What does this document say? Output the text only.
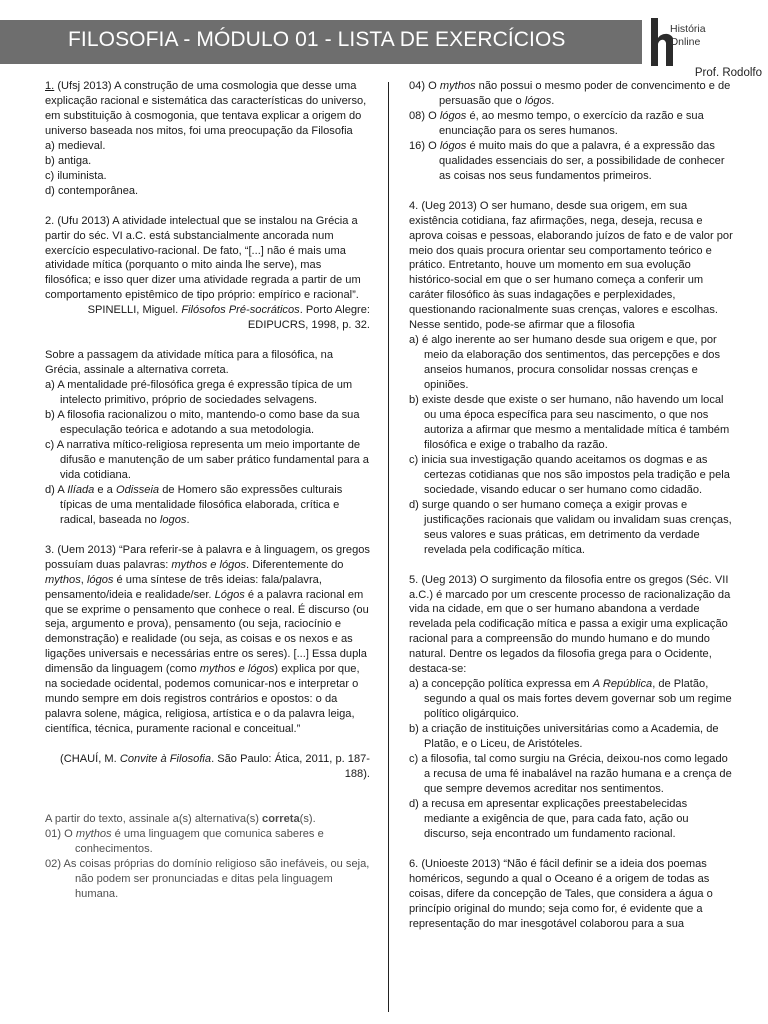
FILOSOFIA - MÓDULO 01 - LISTA DE EXERCÍCIOS	História
Online
Prof. Rodolfo

1. (Ufsj 2013) A construção de uma cosmologia que desse uma explicação racional e sistemática das características do universo, em substituição à cosmogonia, que tentava explicar a origem do universo baseada nos mitos, foi uma preocupação da Filosofia

a) medieval.

b) antiga.

c) iluminista.

d) contemporânea.

2. (Ufu 2013) A atividade intelectual que se instalou na Grécia a partir do séc. VI a.C. está substancialmente ancorada num exercício especulativo-racional. De fato, “[...] não é mais uma atividade mítica (porquanto o mito ainda lhe serve), mas filosófica; e isso quer dizer uma atividade regrada a partir de um comportamento epistêmico de tipo próprio: empírico e racional”.

SPINELLI, Miguel. Filósofos Pré-socráticos. Porto Alegre: EDIPUCRS, 1998, p. 32.

Sobre a passagem da atividade mítica para a filosófica, na Grécia, assinale a alternativa correta.

a) A mentalidade pré-filosófica grega é expressão típica de um intelecto primitivo, próprio de sociedades selvagens.

b) A filosofia racionalizou o mito, mantendo-o como base da sua especulação teórica e adotando a sua metodologia.

c) A narrativa mítico-religiosa representa um meio importante de difusão e manutenção de um saber prático fundamental para a vida cotidiana.

d) A Ilíada e a Odisseia de Homero são expressões culturais típicas de uma mentalidade filosófica elaborada, crítica e radical, baseada no logos.

3. (Uem 2013) “Para referir-se à palavra e à linguagem, os gregos possuíam duas palavras: mythos e lógos. Diferentemente do mythos, lógos é uma síntese de três ideias: fala/palavra, pensamento/ideia e realidade/ser. Lógos é a palavra racional em que se exprime o pensamento que conhece o real. É discurso (ou seja, argumento e prova), pensamento (ou seja, raciocínio e demonstração) e realidade (ou seja, as coisas e os nexos e as ligações universais e necessárias entre os seres). [...] Essa dupla dimensão da linguagem (como mythos e lógos) explica por que, na sociedade ocidental, podemos comunicar-nos e interpretar o mundo sempre em dois registros contrários e opostos: o da palavra solene, mágica, religiosa, artística e o da palavra leiga, científica, técnica, puramente racional e conceitual.”

(CHAUÍ, M. Convite à Filosofia. São Paulo: Ática, 2011, p. 187-188).

A partir do texto, assinale a(s) alternativa(s) correta(s).

01) O mythos é uma linguagem que comunica saberes e conhecimentos.

02) As coisas próprias do domínio religioso são inefáveis, ou seja, não podem ser pronunciadas e ditas pela linguagem humana.

04) O mythos não possui o mesmo poder de convencimento e de persuasão que o lógos.

08) O lógos é, ao mesmo tempo, o exercício da razão e sua enunciação para os seres humanos.

16) O lógos é muito mais do que a palavra, é a expressão das qualidades essenciais do ser, a possibilidade de conhecer as coisas nos seus fundamentos primeiros.

4. (Ueg 2013) O ser humano, desde sua origem, em sua existência cotidiana, faz afirmações, nega, deseja, recusa e aprova coisas e pessoas, elaborando juízos de fato e de valor por meio dos quais procura orientar seu comportamento teórico e prático. Entretanto, houve um momento em sua evolução histórico-social em que o ser humano começa a conferir um caráter filosófico às suas indagações e perplexidades, questionando racionalmente suas crenças, valores e escolhas. Nesse sentido, pode-se afirmar que a filosofia

a) é algo inerente ao ser humano desde sua origem e que, por meio da elaboração dos sentimentos, das percepções e dos anseios humanos, procura consolidar nossas crenças e opiniões.

b) existe desde que existe o ser humano, não havendo um local ou uma época específica para seu nascimento, o que nos autoriza a afirmar que mesmo a mentalidade mítica é também filosófica e exige o trabalho da razão.

c) inicia sua investigação quando aceitamos os dogmas e as certezas cotidianas que nos são impostos pela tradição e pela sociedade, visando educar o ser humano como cidadão.

d) surge quando o ser humano começa a exigir provas e justificações racionais que validam ou invalidam suas crenças, seus valores e suas práticas, em detrimento da verdade revelada pela codificação mítica.

5. (Ueg 2013) O surgimento da filosofia entre os gregos (Séc. VII a.C.) é marcado por um crescente processo de racionalização da vida na cidade, em que o ser humano abandona a verdade revelada pela codificação mítica e passa a exigir uma explicação racional para a compreensão do mundo humano e do mundo natural. Dentre os legados da filosofia grega para o Ocidente, destaca-se:

a) a concepção política expressa em A República, de Platão, segundo a qual os mais fortes devem governar sob um regime político oligárquico.

b) a criação de instituições universitárias como a Academia, de Platão, e o Liceu, de Aristóteles.

c) a filosofia, tal como surgiu na Grécia, deixou-nos como legado a recusa de uma fé inabalável na razão humana e a crença de que sempre devemos acreditar nos sentimentos.

d) a recusa em apresentar explicações preestabelecidas mediante a exigência de que, para cada fato, ação ou discurso, seja encontrado um fundamento racional.

6. (Unioeste 2013) “Não é fácil definir se a ideia dos poemas homéricos, segundo a qual o Oceano é a origem de todas as coisas, difere da concepção de Tales, que considera a água o princípio original do mundo; seja como for, é evidente que a representação do mar inesgotável colaborou para a sua
